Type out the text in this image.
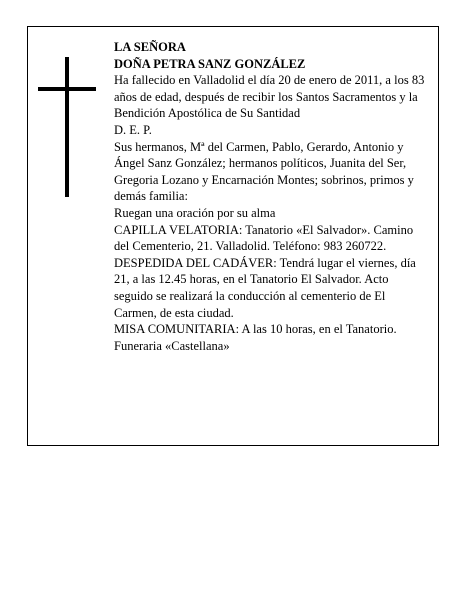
LA SEÑORA

DOÑA PETRA SANZ GONZÁLEZ

Ha fallecido en Valladolid el día 20 de enero de 2011, a los 83 años de edad, después de recibir los Santos Sacramentos y la Bendición Apostólica de Su Santidad

D. E. P.

Sus hermanos, Mª del Carmen, Pablo, Gerardo, Antonio y Ángel Sanz González; hermanos políticos, Juanita del Ser, Gregoria Lozano y Encarnación Montes; sobrinos, primos y demás familia:

Ruegan una oración por su alma

CAPILLA VELATORIA: Tanatorio «El Salvador». Camino del Cementerio, 21. Valladolid. Teléfono: 983 260722.

DESPEDIDA DEL CADÁVER: Tendrá lugar el viernes, día 21, a las 12.45 horas, en el Tanatorio El Salvador. Acto seguido se realizará la conducción al cementerio de El Carmen, de esta ciudad.

MISA COMUNITARIA: A las 10 horas, en el Tanatorio.

Funeraria «Castellana»
